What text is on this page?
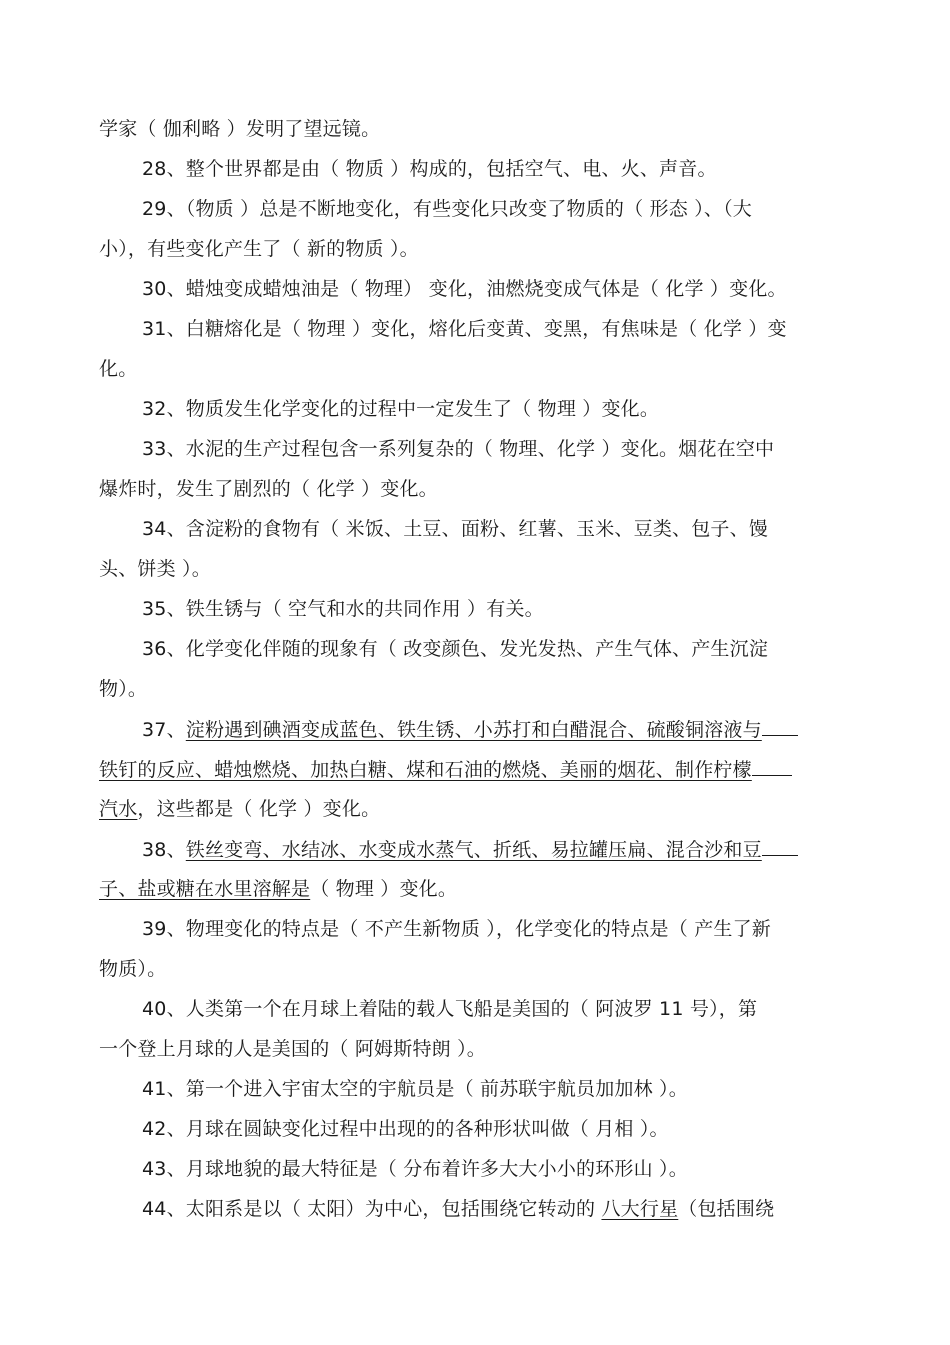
学家（ 伽利略 ）发明了望远镜。
28、整个世界都是由（ 物质 ）构成的，包括空气、电、火、声音。
29、（物质 ）总是不断地变化，有些变化只改变了物质的（ 形态 ）、（大
小），有些变化产生了（ 新的物质 ）。
30、蜡烛变成蜡烛油是（ 物理） 变化，油燃烧变成气体是（ 化学 ）变化。
31、白糖熔化是（ 物理 ）变化，熔化后变黄、变黑，有焦味是（ 化学 ）变
化。
32、物质发生化学变化的过程中一定发生了（ 物理 ）变化。
33、水泥的生产过程包含一系列复杂的（ 物理、化学 ）变化。烟花在空中
爆炸时，发生了剧烈的（ 化学 ）变化。
34、含淀粉的食物有（ 米饭、土豆、面粉、红薯、玉米、豆类、包子、馒
头、饼类 ）。
35、铁生锈与（ 空气和水的共同作用 ）有关。
36、化学变化伴随的现象有（ 改变颜色、发光发热、产生气体、产生沉淀
物）。
37、淀粉遇到碘酒变成蓝色、铁生锈、小苏打和白醋混合、硫酸铜溶液与
铁钉的反应、蜡烛燃烧、加热白糖、煤和石油的燃烧、美丽的烟花、制作柠檬
汽水，这些都是（ 化学 ）变化。
38、铁丝变弯、水结冰、水变成水蒸气、折纸、易拉罐压扁、混合沙和豆
子、盐或糖在水里溶解是（ 物理 ）变化。
39、物理变化的特点是（ 不产生新物质 ），化学变化的特点是（ 产生了新
物质）。
40、人类第一个在月球上着陆的载人飞船是美国的（ 阿波罗 11 号），第
一个登上月球的人是美国的（ 阿姆斯特朗 ）。
41、第一个进入宇宙太空的宇航员是（ 前苏联宇航员加加林 ）。
42、月球在圆缺变化过程中出现的的各种形状叫做（ 月相 ）。
43、月球地貌的最大特征是（ 分布着许多大大小小的环形山 ）。
44、太阳系是以（ 太阳）为中心，包括围绕它转动的 八大行星（包括围绕
